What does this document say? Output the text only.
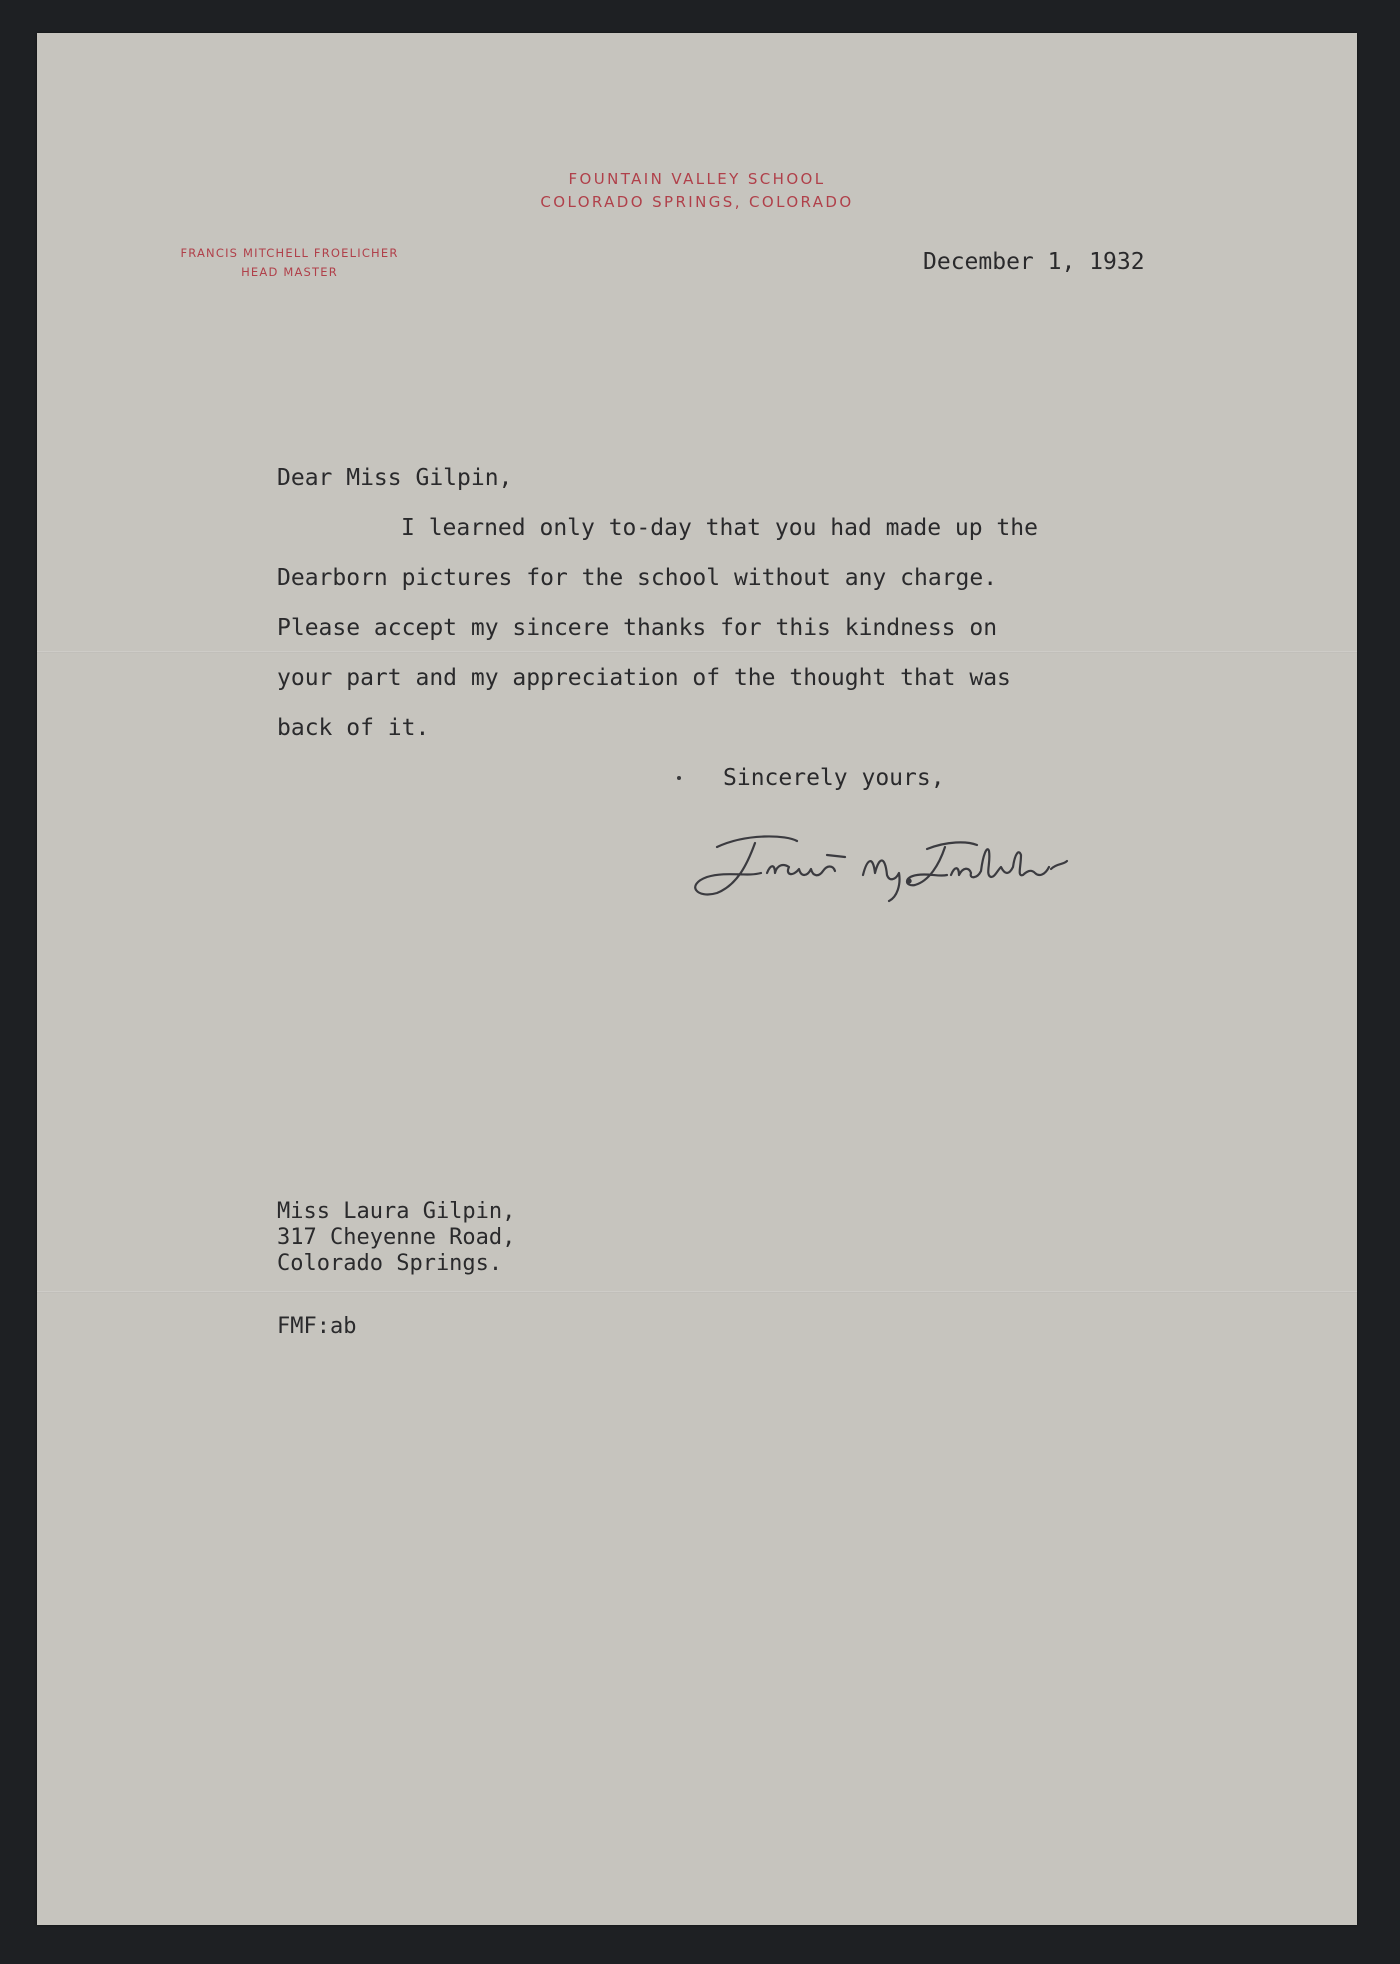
FOUNTAIN VALLEY SCHOOL
COLORADO SPRINGS, COLORADO
FRANCIS MITCHELL FROELICHER
HEAD MASTER	December 1, 1932
Dear Miss Gilpin,
I learned only to-day that you had made up the
Dearborn pictures for the school without any charge.
Please accept my sincere thanks for this kindness on
your part and my appreciation of the thought that was
back of it.
Sincerely yours,
Miss Laura Gilpin,
317 Cheyenne Road,
Colorado Springs.
FMF:ab
